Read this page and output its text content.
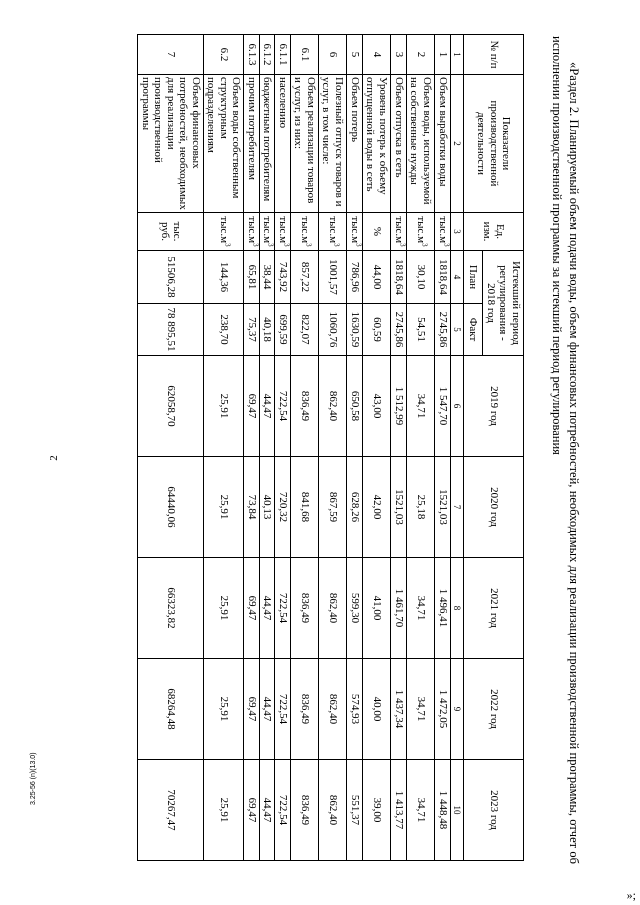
2
3.25-56 (n)(13.0)	«Раздел 2. Планируемый объем подачи воды, объем финансовых потребностей, необходимых для реализации производственной программы, отчет об исполнении производственной программы за истекший период регулирования

№ п/п	Показатели производственной деятельности	Ед. изм.	Истекший период регулирования - 2018 год		2019 год	2020 год	2021 год	2022 год	2023 год
			План	Факт					
1	2	3	4	5	6	7	8	9	10
1	Объем выработки воды	$тыс.м^3$	1818,64	2745,86	1 547,70	1521,03	1 496,41	1 472,05	1 448,48
2	Объем воды, используемой на собственные нужды	$тыс.м^3$	30,10	54,51	34,71	25,18	34,71	34,71	34,71
3	Объем отпуска в сеть	$тыс.м^3$	1818,64	2745,86	1 512,99	1521,03	1 461,70	1 437,34	1 413,77
4	Уровень потерь к объему отпущенной воды в сеть	%	44,00	60,59	43,00	42,00	41,00	40,00	39,00
5	Объем потерь	$тыс.м^3$	786,96	1630,59	650,58	628,26	599,30	574,93	551,37
6	Полезный отпуск товаров и услуг, в том числе:	$тыс.м^3$	1001,57	1060,76	862,40	867,59	862,40	862,40	862,40
6.1	Объем реализации товаров и услуг, из них:	$тыс.м^3$	857,22	822,07	836,49	841,68	836,49	836,49	836,49
6.1.1	населению	$тыс.м^3$	743,92	699,59	722,54	720,32	722,54	722,54	722,54
6.1.2	бюджетным потребителям	$тыс.м^3$	38,44	40,18	44,47	40,13	44,47	44,47	44,47
6.1.3	прочим потребителям	$тыс.м^3$	65,81	75,37	69,47	73,84	69,47	69,47	69,47
6.2	Объем воды собственным структурным подразделениям	$тыс.м^3$	144,36	238,70	25,91	25,91	25,91	25,91	25,91
7	Объем финансовых потребностей, необходимых для реализации производственной программы	тыс. руб.	51506,28	78 895,51	62058,70	64440,06	66323,82	68264,48	70267,47
»;
